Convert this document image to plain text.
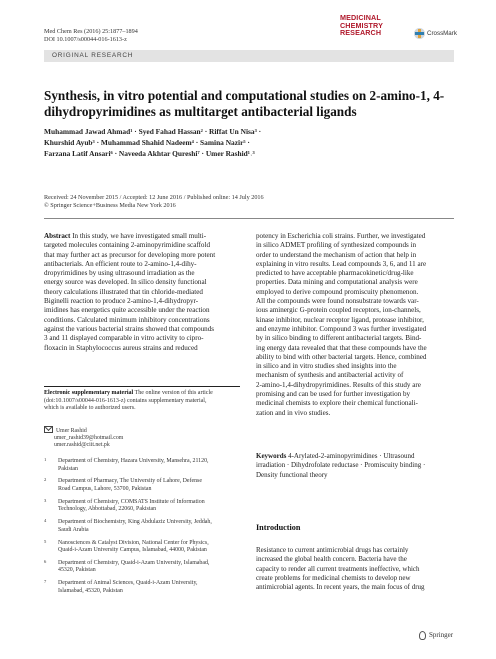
Med Chem Res (2016) 25:1877–1894
DOI 10.1007/s00044-016-1613-z
MEDICINAL
CHEMISTRY
RESEARCH	CrossMark
ORIGINAL RESEARCH
Synthesis, in vitro potential and computational studies on 2-amino-1, 4-dihydropyrimidines as multitarget antibacterial ligands
Muhammad Jawad Ahmad¹ · Syed Fahad Hassan² · Riffat Un Nisa³ ·
Khurshid Ayub³ · Muhammad Shahid Nadeem⁴ · Samina Nazir⁵ ·
Farzana Latif Ansari⁶ · Naveeda Akhtar Qureshi⁷ · Umer Rashid¹˒³
Received: 24 November 2015 / Accepted: 12 June 2016 / Published online: 14 July 2016
© Springer Science+Business Media New York 2016
Abstract In this study, we have investigated small multi-
targeted molecules containing 2-aminopyrimidine scaffold
that may further act as precursor for developing more potent
antibacterials. An efficient route to 2-amino-1,4-dihy-
dropyrimidines by using ultrasound irradiation as the
energy source was developed. In silico density functional
theory calculations illustrated that tin chloride-mediated
Biginelli reaction to produce 2-amino-1,4-dihydropyr-
imidines has energetics quite accessible under the reaction
conditions. Calculated minimum inhibitory concentrations
against the various bacterial strains showed that compounds
3 and 11 displayed comparable in vitro activity to cipro-
floxacin in Staphylococcus aureus strains and reduced
Electronic supplementary material The online version of this article
(doi:10.1007/s00044-016-1613-z) contains supplementary material,
which is available to authorized users.
Umer Rashid
umer_rashid39@hotmail.com
umer.rashid@ciit.net.pk
1 Department of Chemistry, Hazara University, Mansehra, 21120,
Pakistan
2 Department of Pharmacy, The University of Lahore, Defense
Road Campus, Lahore, 53700, Pakistan
3 Department of Chemistry, COMSATS Institute of Information
Technology, Abbottabad, 22060, Pakistan
4 Department of Biochemistry, King Abdulaziz University, Jeddah,
Saudi Arabia
5 Nanosciences & Catalyst Division, National Center for Physics,
Quaid-i-Azam University Campus, Islamabad, 44000, Pakistan
6 Department of Chemistry, Quaid-i-Azam University, Islamabad,
45320, Pakistan
7 Department of Animal Sciences, Quaid-i-Azam University,
Islamabad, 45320, Pakistan
potency in Escherichia coli strains. Further, we investigated
in silico ADMET profiling of synthesized compounds in
order to understand the mechanism of action that help in
explaining in vitro results. Lead compounds 3, 6, and 11 are
predicted to have acceptable pharmacokinetic/drug-like
properties. Data mining and computational analysis were
employed to derive compound promiscuity phenomenon.
All the compounds were found nonsubstrate towards var-
ious aminergic G-protein coupled receptors, ion-channels,
kinase inhibitor, nuclear receptor ligand, protease inhibitor,
and enzyme inhibitor. Compound 3 was further investigated
by in silico binding to different antibacterial targets. Bind-
ing energy data revealed that that these compounds have the
ability to bind with other bacterial targets. Hence, combined
in silico and in vitro studies shed insights into the
mechanism of synthesis and antibacterial activity of
2-amino-1,4-dihydropyrimidines. Results of this study are
promising and can be used for further investigation by
medicinal chemists to explore their chemical functionali-
zation and in vivo studies.
Keywords 4-Arylated-2-aminopyrimidines · Ultrasound
irradiation · Dihydrofolate reductase · Promiscuity binding ·
Density functional theory
Introduction
Resistance to current antimicrobial drugs has certainly
increased the global health concern. Bacteria have the
capacity to render all current treatments ineffective, which
create problems for medicinal chemists to develop new
antimicrobial agents. In recent years, the main focus of drug
Springer
